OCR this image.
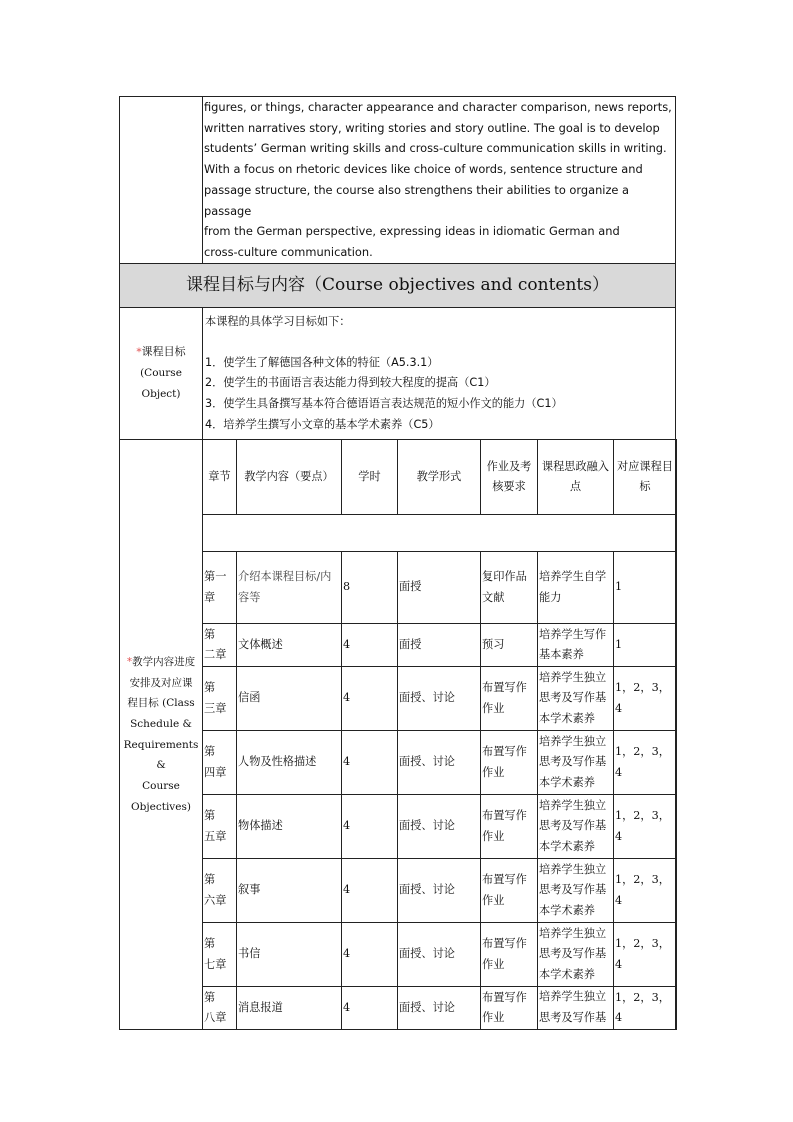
figures, or things, character appearance and character comparison, news reports,
written narratives story, writing stories and story outline. The goal is to develop
students’ German writing skills and cross-culture communication skills in writing.
With a focus on rhetoric devices like choice of words, sentence structure and
passage structure, the course also strengthens their abilities to organize a passage
from the German perspective, expressing ideas in idiomatic German and
cross-culture communication.

课程目标与内容（Course objectives and contents）

*课程目标
(Course Object)

本课程的具体学习目标如下：
1．使学生了解德国各种文体的特征（A5.3.1）
2．使学生的书面语言表达能力得到较大程度的提高（C1）
3．使学生具备撰写基本符合德语语言表达规范的短小作文的能力（C1）
4．培养学生撰写小文章的基本学术素养（C5）

*教学内容进度
安排及对应课
程目标 (Class
Schedule &
Requirements &
Course
Objectives)

章节	教学内容（要点）	学时	教学形式	作业及考核要求	课程思政融入点	对应课程目标

第一章	介绍本课程目标/内容等	8	面授	复印作品文献	培养学生自学能力	1
第　二章	文体概述	4	面授	预习	培养学生写作基本素养	1
第　三章	信函	4	面授、讨论	布置写作作业	培养学生独立思考及写作基本学术素养	1，2，3，4
第　四章	人物及性格描述	4	面授、讨论	布置写作作业	培养学生独立思考及写作基本学术素养	1，2，3，4
第　五章	物体描述	4	面授、讨论	布置写作作业	培养学生独立思考及写作基本学术素养	1，2，3，4
第　六章	叙事	4	面授、讨论	布置写作作业	培养学生独立思考及写作基本学术素养	1，2，3，4
第　七章	书信	4	面授、讨论	布置写作作业	培养学生独立思考及写作基本学术素养	1，2，3，4
第　八章	消息报道	4	面授、讨论	布置写作作业	培养学生独立思考及写作基	1，2，3，4
